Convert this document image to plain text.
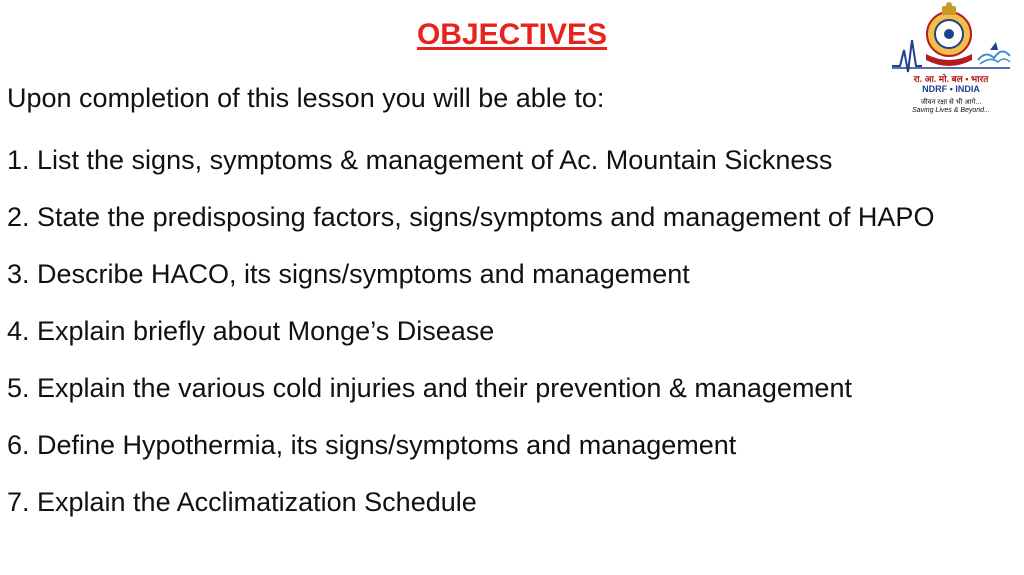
OBJECTIVES
Upon completion of this lesson you will be able to:
1. List the signs, symptoms & management of Ac. Mountain Sickness
2. State the predisposing factors, signs/symptoms and management of HAPO
3. Describe HACO, its signs/symptoms and management
4. Explain briefly about Monge’s Disease
5. Explain the various cold injuries and their prevention & management
6. Define Hypothermia, its signs/symptoms and management
7. Explain the Acclimatization Schedule
रा. आ. मो. बल • भारत
NDRF • INDIA
जीवन रक्षा से भी आगे...
Saving Lives & Beyond...
